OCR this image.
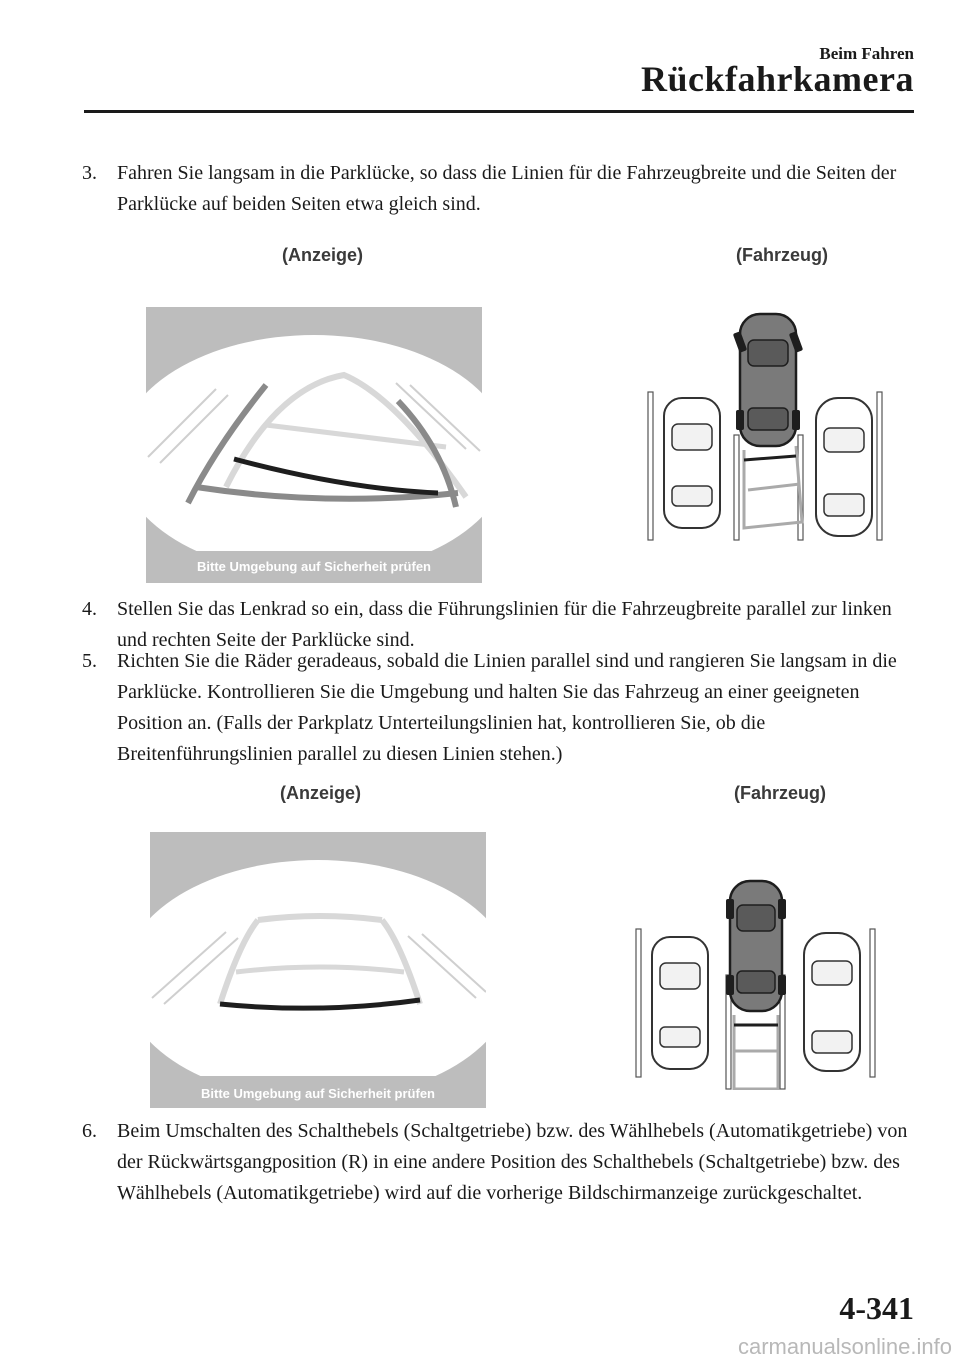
Beim Fahren
Rückfahrkamera
3.	Fahren Sie langsam in die Parklücke, so dass die Linien für die Fahrzeugbreite und die Seiten der Parklücke auf beiden Seiten etwa gleich sind.
(Anzeige)	(Fahrzeug)
Bitte Umgebung auf Sicherheit prüfen
4.	Stellen Sie das Lenkrad so ein, dass die Führungslinien für die Fahrzeugbreite parallel zur linken und rechten Seite der Parklücke sind.
5.	Richten Sie die Räder geradeaus, sobald die Linien parallel sind und rangieren Sie langsam in die Parklücke. Kontrollieren Sie die Umgebung und halten Sie das Fahrzeug an einer geeigneten Position an. (Falls der Parkplatz Unterteilungslinien hat, kontrollieren Sie, ob die Breitenführungslinien parallel zu diesen Linien stehen.)
(Anzeige)	(Fahrzeug)
Bitte Umgebung auf Sicherheit prüfen
6.	Beim Umschalten des Schalthebels (Schaltgetriebe) bzw. des Wählhebels (Automatikgetriebe) von der Rückwärtsgangposition (R) in eine andere Position des Schalthebels (Schaltgetriebe) bzw. des Wählhebels (Automatikgetriebe) wird auf die vorherige Bildschirmanzeige zurückgeschaltet.
4-341
carmanualsonline.info
